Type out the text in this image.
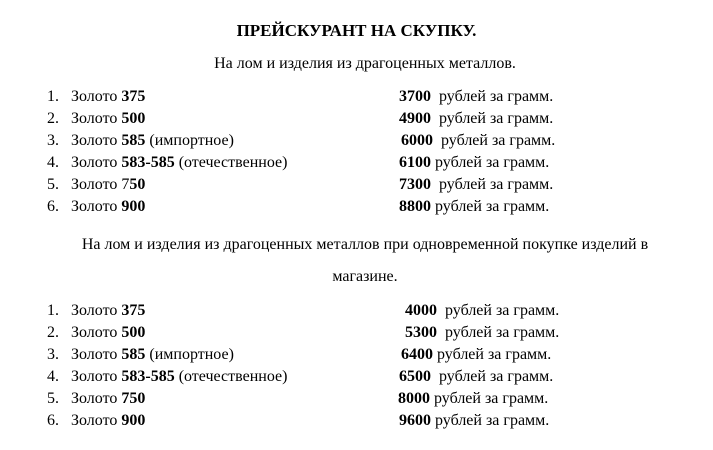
ПРЕЙСКУРАНТ НА СКУПКУ.
На лом и изделия из драгоценных металлов.
1. Золото 375	3700  рублей за грамм.
2. Золото 500	4900  рублей за грамм.
3. Золото 585 (импортное)	6000  рублей за грамм.
4. Золото 583-585 (отечественное)	6100 рублей за грамм.
5. Золото 750	7300  рублей за грамм.
6. Золото 900	8800 рублей за грамм.
На лом и изделия из драгоценных металлов при одновременной покупке изделий в
магазине.
1. Золото 375	4000  рублей за грамм.
2. Золото 500	5300  рублей за грамм.
3. Золото 585 (импортное)	6400 рублей за грамм.
4. Золото 583-585 (отечественное)	6500  рублей за грамм.
5. Золото 750	8000 рублей за грамм.
6. Золото 900	9600 рублей за грамм.
